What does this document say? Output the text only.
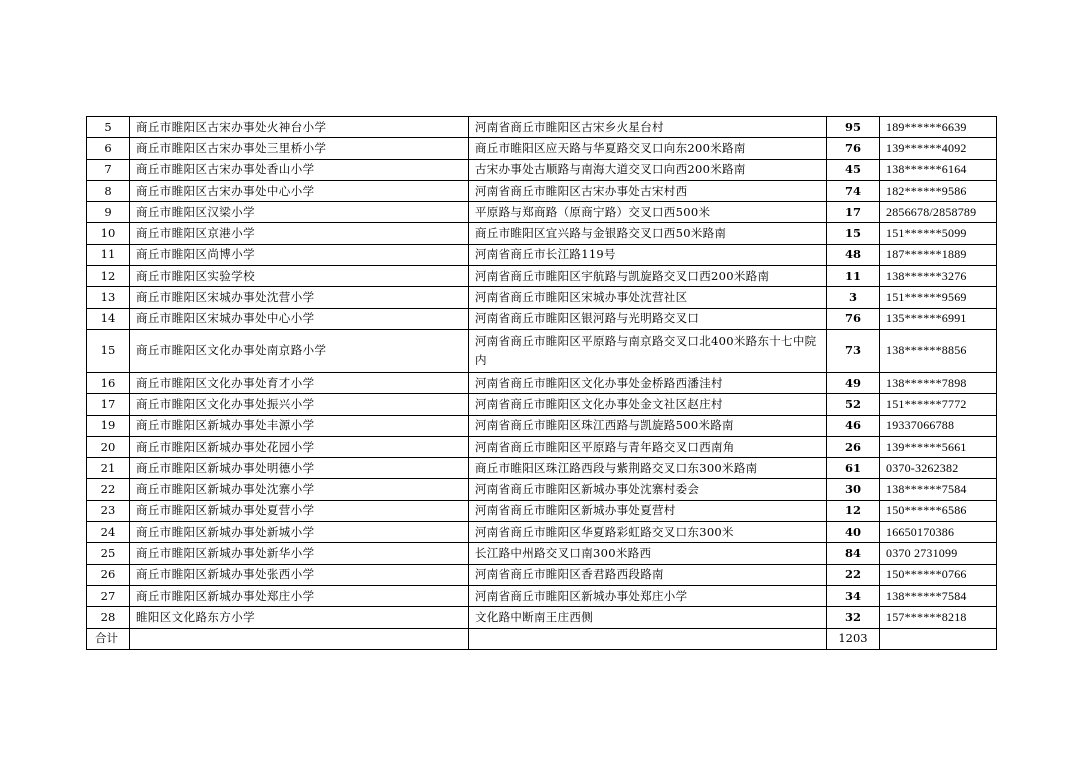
5	商丘市睢阳区古宋办事处火神台小学	河南省商丘市睢阳区古宋乡火星台村	95	189******6639
6	商丘市睢阳区古宋办事处三里桥小学	商丘市睢阳区应天路与华夏路交叉口向东200米路南	76	139******4092
7	商丘市睢阳区古宋办事处香山小学	古宋办事处古顺路与南海大道交叉口向西200米路南	45	138******6164
8	商丘市睢阳区古宋办事处中心小学	河南省商丘市睢阳区古宋办事处古宋村西	74	182******9586
9	商丘市睢阳区汉梁小学	平原路与郑商路（原商宁路）交叉口西500米	17	2856678/2858789
10	商丘市睢阳区京港小学	商丘市睢阳区宜兴路与金银路交叉口西50米路南	15	151******5099
11	商丘市睢阳区尚博小学	河南省商丘市长江路119号	48	187******1889
12	商丘市睢阳区实验学校	河南省商丘市睢阳区宇航路与凯旋路交叉口西200米路南	11	138******3276
13	商丘市睢阳区宋城办事处沈营小学	河南省商丘市睢阳区宋城办事处沈营社区	3	151******9569
14	商丘市睢阳区宋城办事处中心小学	河南省商丘市睢阳区银河路与光明路交叉口	76	135******6991
15	商丘市睢阳区文化办事处南京路小学	河南省商丘市睢阳区平原路与南京路交叉口北400米路东十七中院内	73	138******8856
16	商丘市睢阳区文化办事处育才小学	河南省商丘市睢阳区文化办事处金桥路西潘洼村	49	138******7898
17	商丘市睢阳区文化办事处振兴小学	河南省商丘市睢阳区文化办事处金文社区赵庄村	52	151******7772
19	商丘市睢阳区新城办事处丰源小学	河南省商丘市睢阳区珠江西路与凯旋路500米路南	46	19337066788
20	商丘市睢阳区新城办事处花园小学	河南省商丘市睢阳区平原路与青年路交叉口西南角	26	139******5661
21	商丘市睢阳区新城办事处明德小学	商丘市睢阳区珠江路西段与紫荆路交叉口东300米路南	61	0370-3262382
22	商丘市睢阳区新城办事处沈寨小学	河南省商丘市睢阳区新城办事处沈寨村委会	30	138******7584
23	商丘市睢阳区新城办事处夏营小学	河南省商丘市睢阳区新城办事处夏营村	12	150******6586
24	商丘市睢阳区新城办事处新城小学	河南省商丘市睢阳区华夏路彩虹路交叉口东300米	40	16650170386
25	商丘市睢阳区新城办事处新华小学	长江路中州路交叉口南300米路西	84	0370 2731099
26	商丘市睢阳区新城办事处张西小学	河南省商丘市睢阳区香君路西段路南	22	150******0766
27	商丘市睢阳区新城办事处郑庄小学	河南省商丘市睢阳区新城办事处郑庄小学	34	138******7584
28	睢阳区文化路东方小学	文化路中断南王庄西侧	32	157******8218
合计			1203	
